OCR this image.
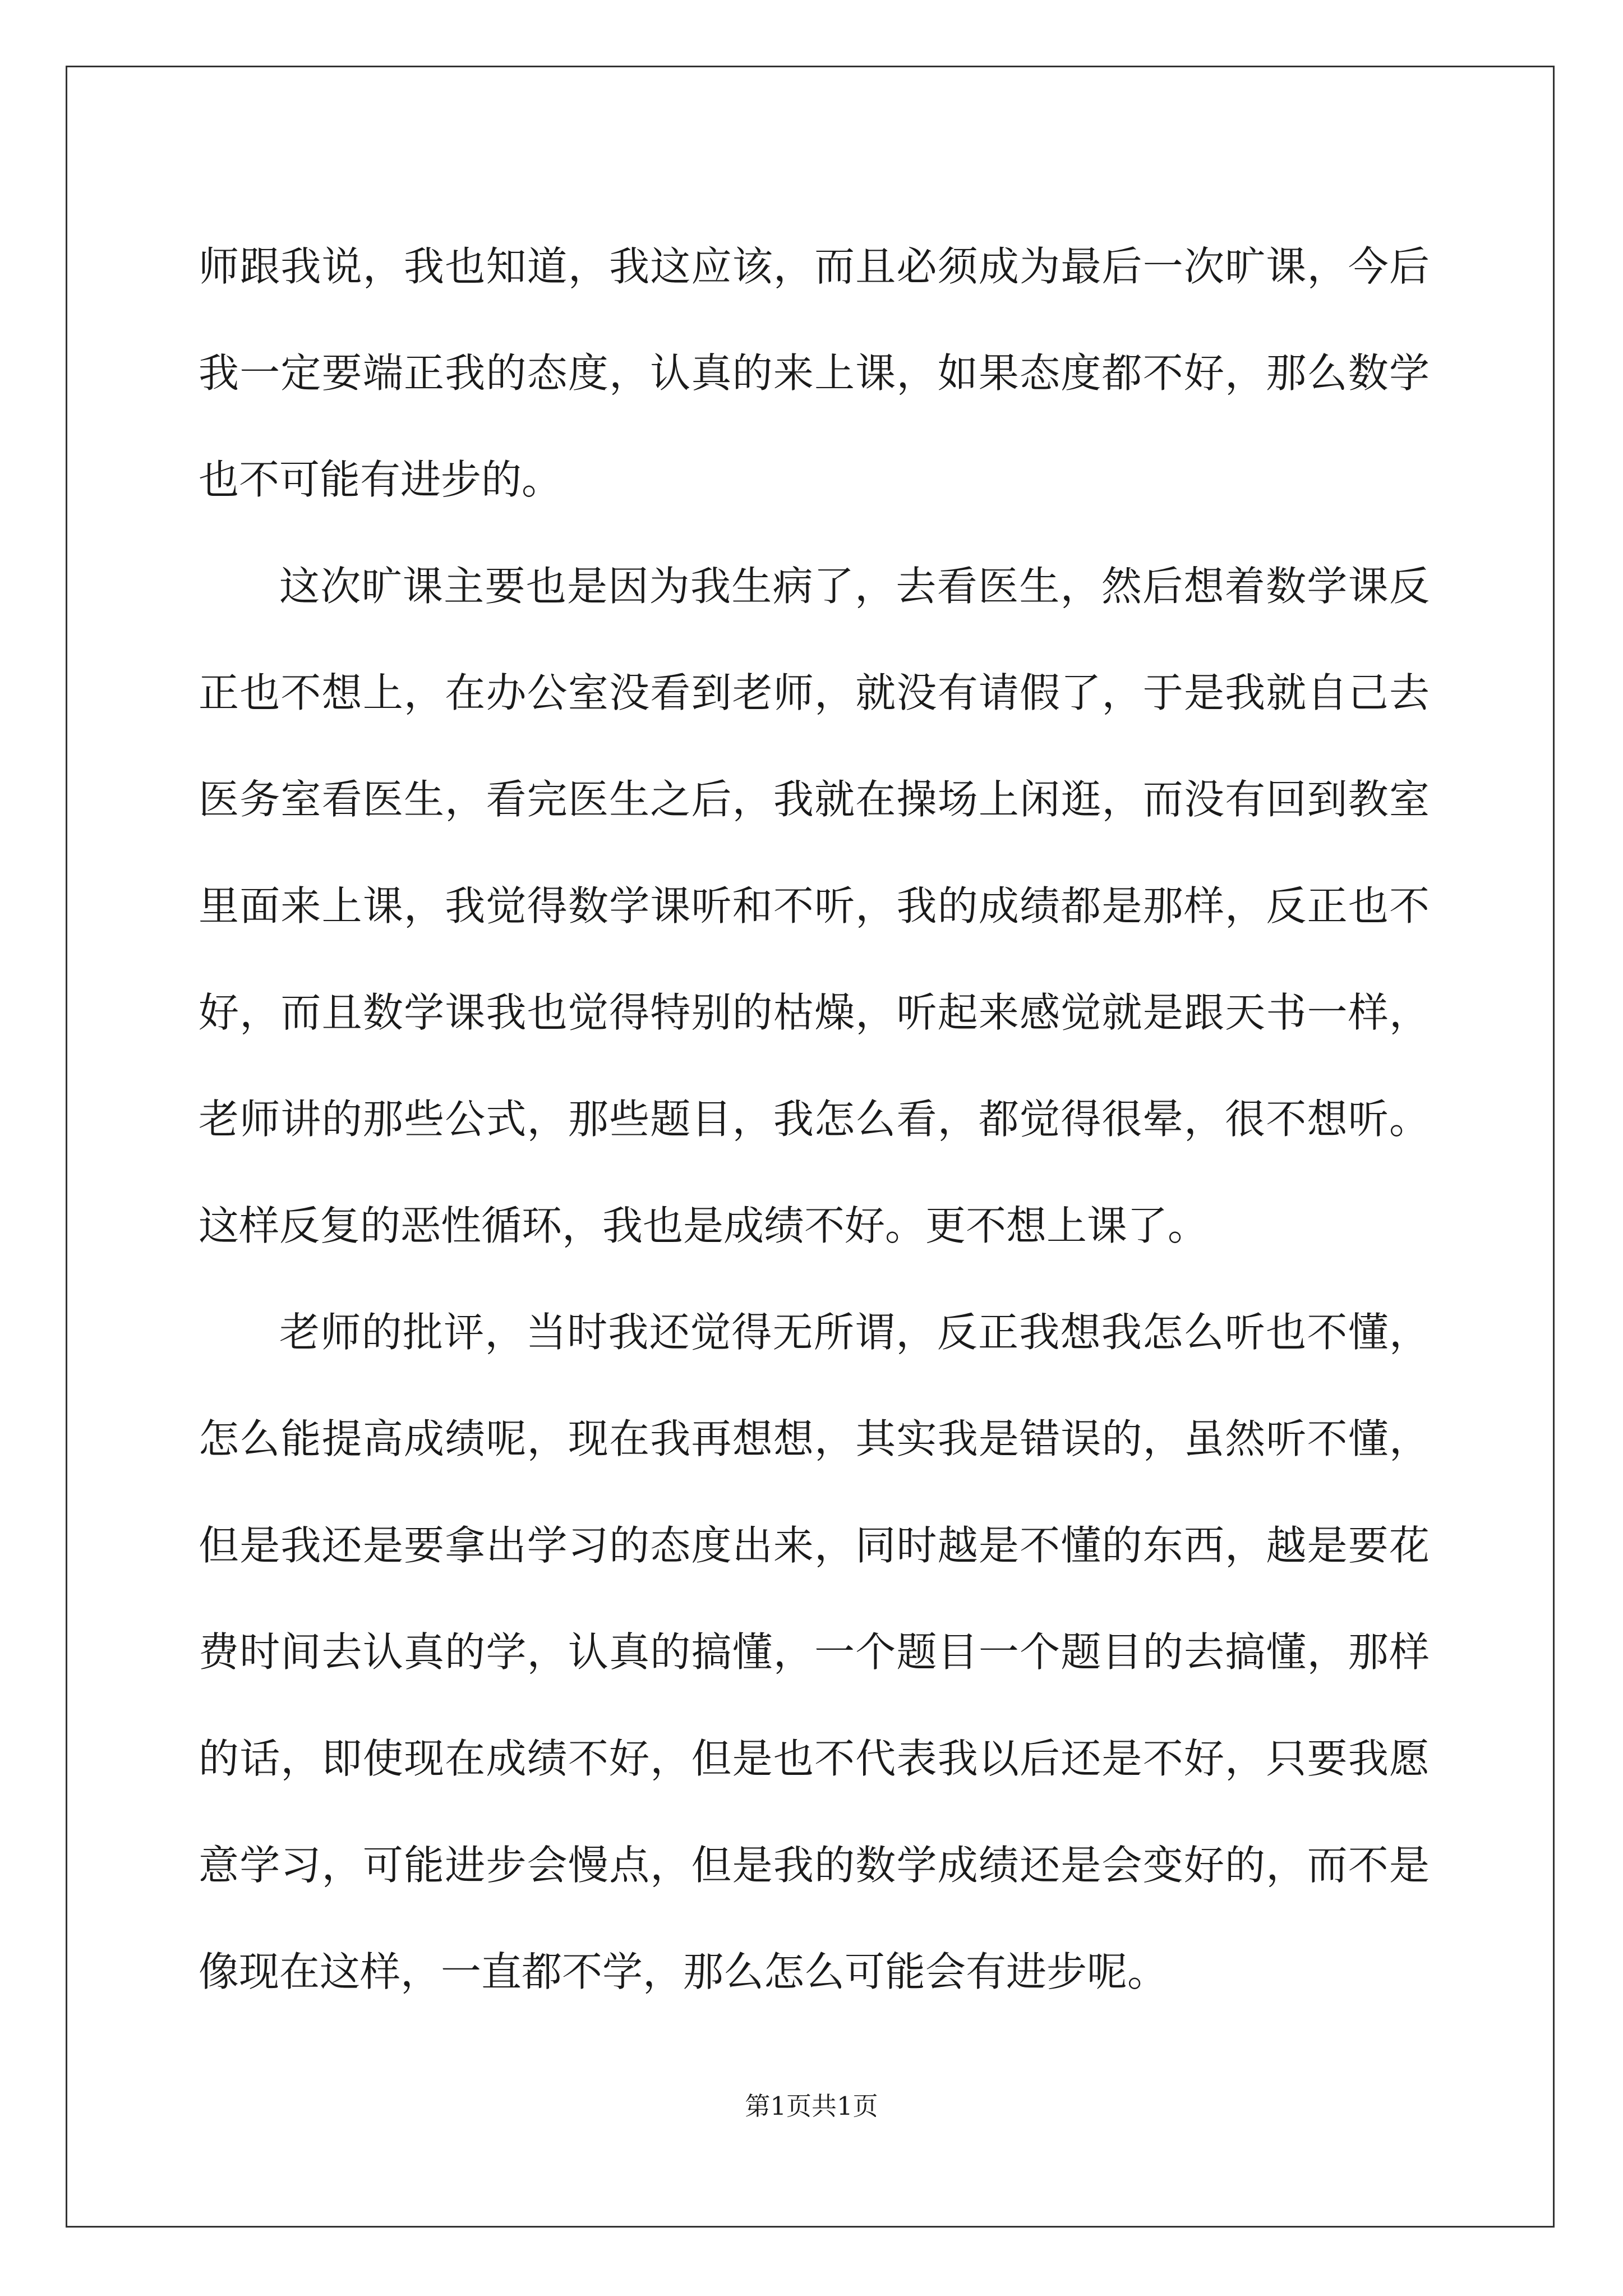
师跟我说，我也知道，我这应该，而且必须成为最后一次旷课，今后我一定要端正我的态度，认真的来上课，如果态度都不好，那么数学也不可能有进步的。

这次旷课主要也是因为我生病了，去看医生，然后想着数学课反正也不想上，在办公室没看到老师，就没有请假了，于是我就自己去医务室看医生，看完医生之后，我就在操场上闲逛，而没有回到教室里面来上课，我觉得数学课听和不听，我的成绩都是那样，反正也不好，而且数学课我也觉得特别的枯燥，听起来感觉就是跟天书一样，老师讲的那些公式，那些题目，我怎么看，都觉得很晕，很不想听。这样反复的恶性循环，我也是成绩不好。更不想上课了。

老师的批评，当时我还觉得无所谓，反正我想我怎么听也不懂，怎么能提高成绩呢，现在我再想想，其实我是错误的，虽然听不懂，但是我还是要拿出学习的态度出来，同时越是不懂的东西，越是要花费时间去认真的学，认真的搞懂，一个题目一个题目的去搞懂，那样的话，即使现在成绩不好，但是也不代表我以后还是不好，只要我愿意学习，可能进步会慢点，但是我的数学成绩还是会变好的，而不是像现在这样，一直都不学，那么怎么可能会有进步呢。

第1页共1页
